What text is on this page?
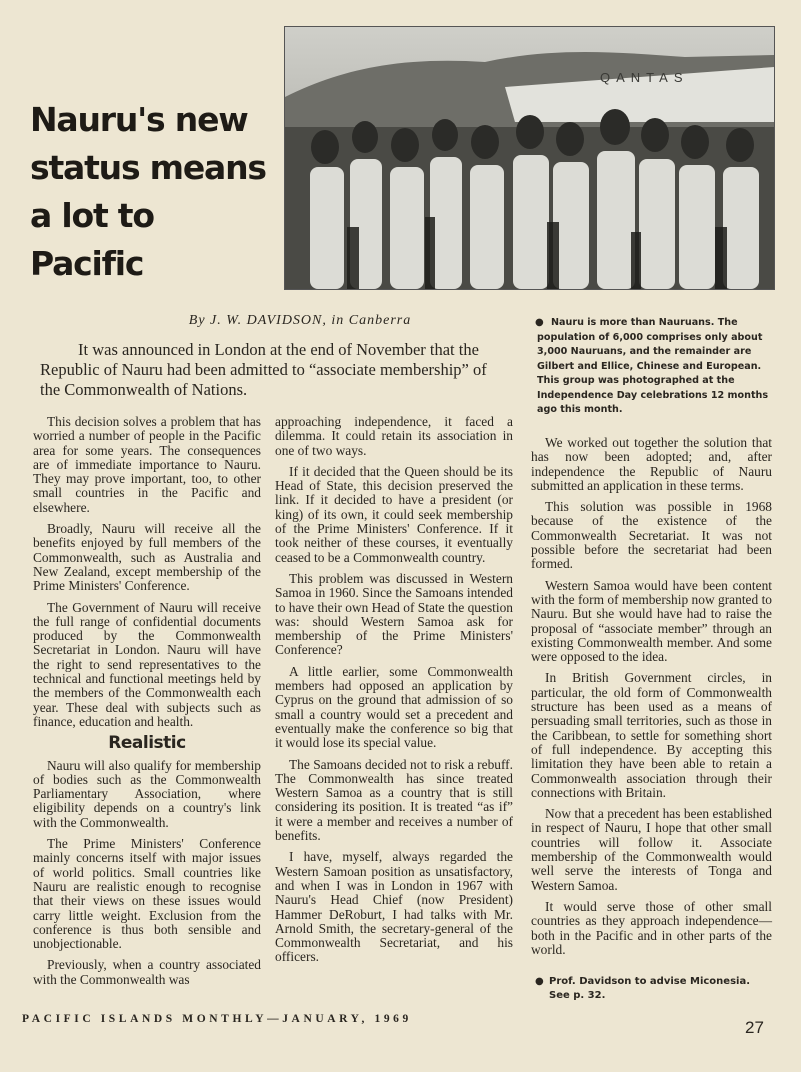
Nauru's new status means a lot to Pacific
QANTAS

By J. W. DAVIDSON, in Canberra

It was announced in London at the end of November that the Republic of Nauru had been admitted to “associate membership” of the Commonwealth of Nations.

● Nauru is more than Nauruans. The population of 6,000 comprises only about 3,000 Nauruans, and the remainder are Gilbert and Ellice, Chinese and European. This group was photographed at the Independence Day celebrations 12 months ago this month.

This decision solves a problem that has worried a number of people in the Pacific area for some years. The consequences are of immediate importance to Nauru. They may prove important, too, to other small countries in the Pacific and elsewhere.

Broadly, Nauru will receive all the benefits enjoyed by full members of the Commonwealth, such as Australia and New Zealand, except membership of the Prime Ministers' Conference.

The Government of Nauru will receive the full range of confidential documents produced by the Commonwealth Secretariat in London. Nauru will have the right to send representatives to the technical and functional meetings held by the members of the Commonwealth each year. These deal with subjects such as finance, education and health.

Realistic

Nauru will also qualify for membership of bodies such as the Commonwealth Parliamentary Association, where eligibility depends on a country's link with the Commonwealth.

The Prime Ministers' Conference mainly concerns itself with major issues of world politics. Small countries like Nauru are realistic enough to recognise that their views on these issues would carry little weight. Exclusion from the conference is thus both sensible and unobjectionable.

Previously, when a country associated with the Commonwealth was

approaching independence, it faced a dilemma. It could retain its association in one of two ways.

If it decided that the Queen should be its Head of State, this decision preserved the link. If it decided to have a president (or king) of its own, it could seek membership of the Prime Ministers' Conference. If it took neither of these courses, it eventually ceased to be a Commonwealth country.

This problem was discussed in Western Samoa in 1960. Since the Samoans intended to have their own Head of State the question was: should Western Samoa ask for membership of the Prime Ministers' Conference?

A little earlier, some Commonwealth members had opposed an application by Cyprus on the ground that admission of so small a country would set a precedent and eventually make the conference so big that it would lose its special value.

The Samoans decided not to risk a rebuff. The Commonwealth has since treated Western Samoa as a country that is still considering its position. It is treated “as if” it were a member and receives a number of benefits.

I have, myself, always regarded the Western Samoan position as unsatisfactory, and when I was in London in 1967 with Nauru's Head Chief (now President) Hammer DeRoburt, I had talks with Mr. Arnold Smith, the secretary-general of the Commonwealth Secretariat, and his officers.

We worked out together the solution that has now been adopted; and, after independence the Republic of Nauru submitted an application in these terms.

This solution was possible in 1968 because of the existence of the Commonwealth Secretariat. It was not possible before the secretariat had been formed.

Western Samoa would have been content with the form of membership now granted to Nauru. But she would have had to raise the proposal of “associate member” through an existing Commonwealth member. And some were opposed to the idea.

In British Government circles, in particular, the old form of Commonwealth structure has been used as a means of persuading small territories, such as those in the Caribbean, to settle for something short of full independence. By accepting this limitation they have been able to retain a Commonwealth association through their connections with Britain.

Now that a precedent has been established in respect of Nauru, I hope that other small countries will follow it. Associate membership of the Commonwealth would well serve the interests of Tonga and Western Samoa.

It would serve those of other small countries as they approach independence—both in the Pacific and in other parts of the world.

● Prof. Davidson to advise Miconesia. See p. 32.

PACIFIC ISLANDS MONTHLY—JANUARY, 1969	27
